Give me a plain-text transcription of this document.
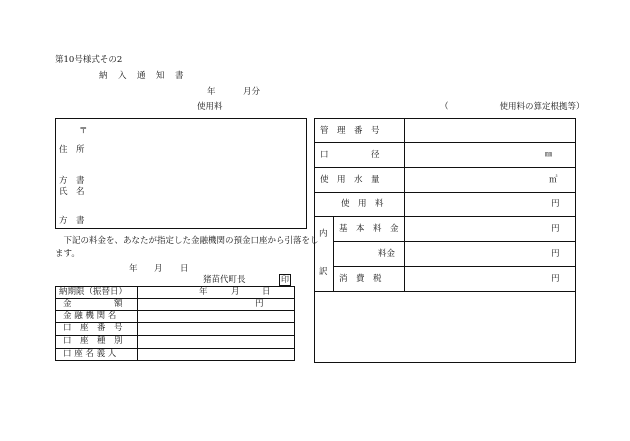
第10号様式その2
納　入　通　知　書
年	月分
使用料	（　　　　　　使用料の算定根拠等）
〒
住　所
方　書
氏　名
方　書
　下記の料金を、あなたが指定した金融機関の預金口座から引落をし
ます。
年 月 日
猪苗代町長	印
納期限（振替日）	年	月	日
金　　　　　額	円
金 融 機 関 名
口　座　番　号
口　座　種　別
口 座 名 義 人
管　理　番　号
口　　　　　径	㎜
使　用　水　量	㎥
使　用　料	円
内
訳
基　本　料　金	円
料金	円
消　費　税	円
